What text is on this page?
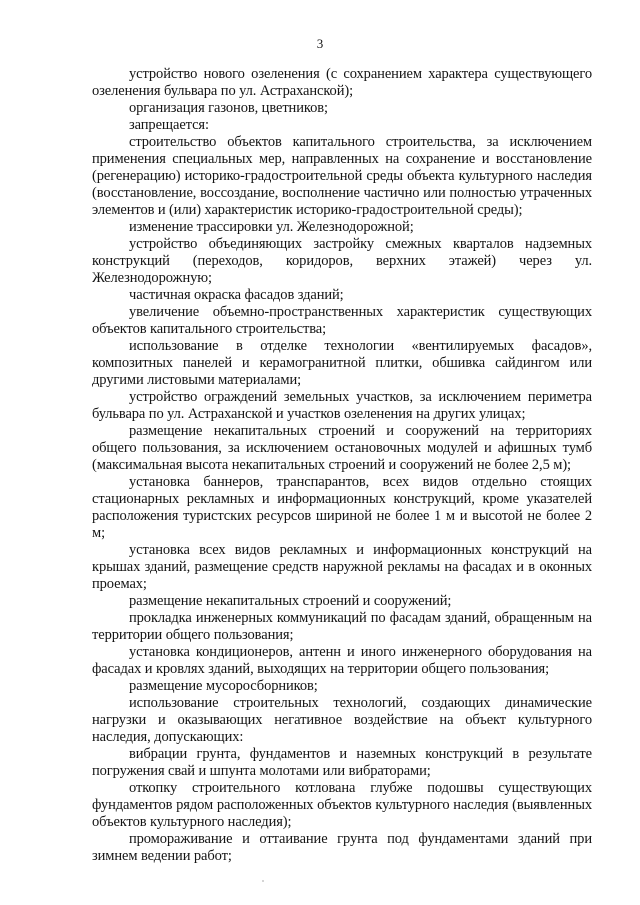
3

устройство нового озеленения (с сохранением характера существующего озеленения бульвара по ул. Астраханской);

организация газонов, цветников;

запрещается:

строительство объектов капитального строительства, за исключением применения специальных мер, направленных на сохранение и восстановление (регенерацию) историко-градостроительной среды объекта культурного наследия (восстановление, воссоздание, восполнение частично или полностью утраченных элементов и (или) характеристик историко-градостроительной среды);

изменение трассировки ул. Железнодорожной;

устройство объединяющих застройку смежных кварталов надземных конструкций (переходов, коридоров, верхних этажей) через ул. Железнодорожную;

частичная окраска фасадов зданий;

увеличение объемно-пространственных характеристик существующих объектов капитального строительства;

использование в отделке технологии «вентилируемых фасадов», композитных панелей и керамогранитной плитки, обшивка сайдингом или другими листовыми материалами;

устройство ограждений земельных участков, за исключением периметра бульвара по ул. Астраханской и участков озеленения на других улицах;

размещение некапитальных строений и сооружений на территориях общего пользования, за исключением остановочных модулей и афишных тумб (максимальная высота некапитальных строений и сооружений не более 2,5 м);

установка баннеров, транспарантов, всех видов отдельно стоящих стационарных рекламных и информационных конструкций, кроме указателей расположения туристских ресурсов шириной не более 1 м и высотой не более 2 м;

установка всех видов рекламных и информационных конструкций на крышах зданий, размещение средств наружной рекламы на фасадах и в оконных проемах;

размещение некапитальных строений и сооружений;

прокладка инженерных коммуникаций по фасадам зданий, обращенным на территории общего пользования;

установка кондиционеров, антенн и иного инженерного оборудования на фасадах и кровлях зданий, выходящих на территории общего пользования;

размещение мусоросборников;

использование строительных технологий, создающих динамические нагрузки и оказывающих негативное воздействие на объект культурного наследия, допускающих:

вибрации грунта, фундаментов и наземных конструкций в результате погружения свай и шпунта молотами или вибраторами;

откопку строительного котлована глубже подошвы существующих фундаментов рядом расположенных объектов культурного наследия (выявленных объектов культурного наследия);

промораживание и оттаивание грунта под фундаментами зданий при зимнем ведении работ;
